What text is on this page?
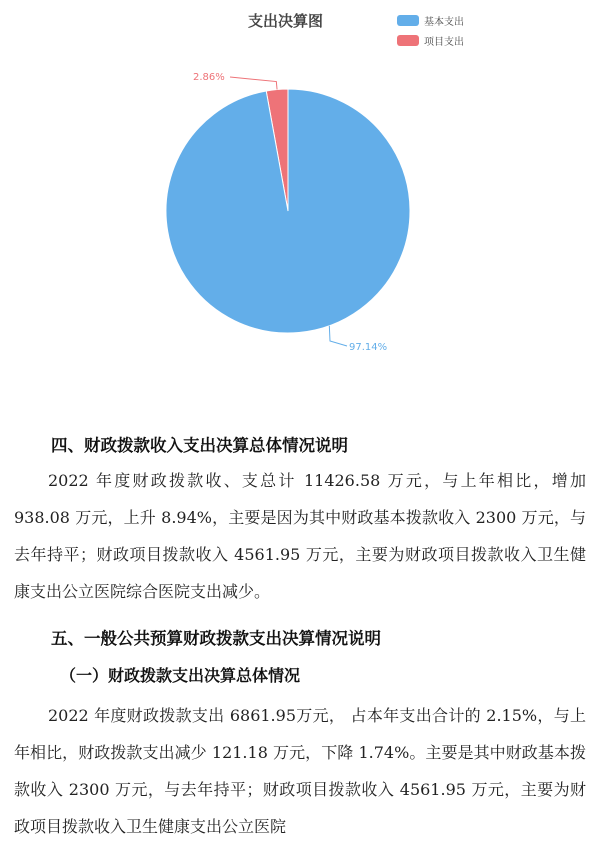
支出决算图	基本支出
项目支出
2.86%
97.14%
四、财政拨款收入支出决算总体情况说明
2022 年度财政拨款收、支总计 11426.58 万元，与上年相比，增加 938.08 万元，上升 8.94%，主要是因为其中财政基本拨款收入 2300 万元，与去年持平；财政项目拨款收入 4561.95 万元，主要为财政项目拨款收入卫生健康支出公立医院综合医院支出减少。
五、一般公共预算财政拨款支出决算情况说明
（一）财政拨款支出决算总体情况
2022 年度财政拨款支出 6861.95万元， 占本年支出合计的 2.15%，与上年相比，财政拨款支出减少 121.18 万元，下降 1.74%。主要是其中财政基本拨款收入 2300 万元，与去年持平；财政项目拨款收入 4561.95 万元，主要为财政项目拨款收入卫生健康支出公立医院
